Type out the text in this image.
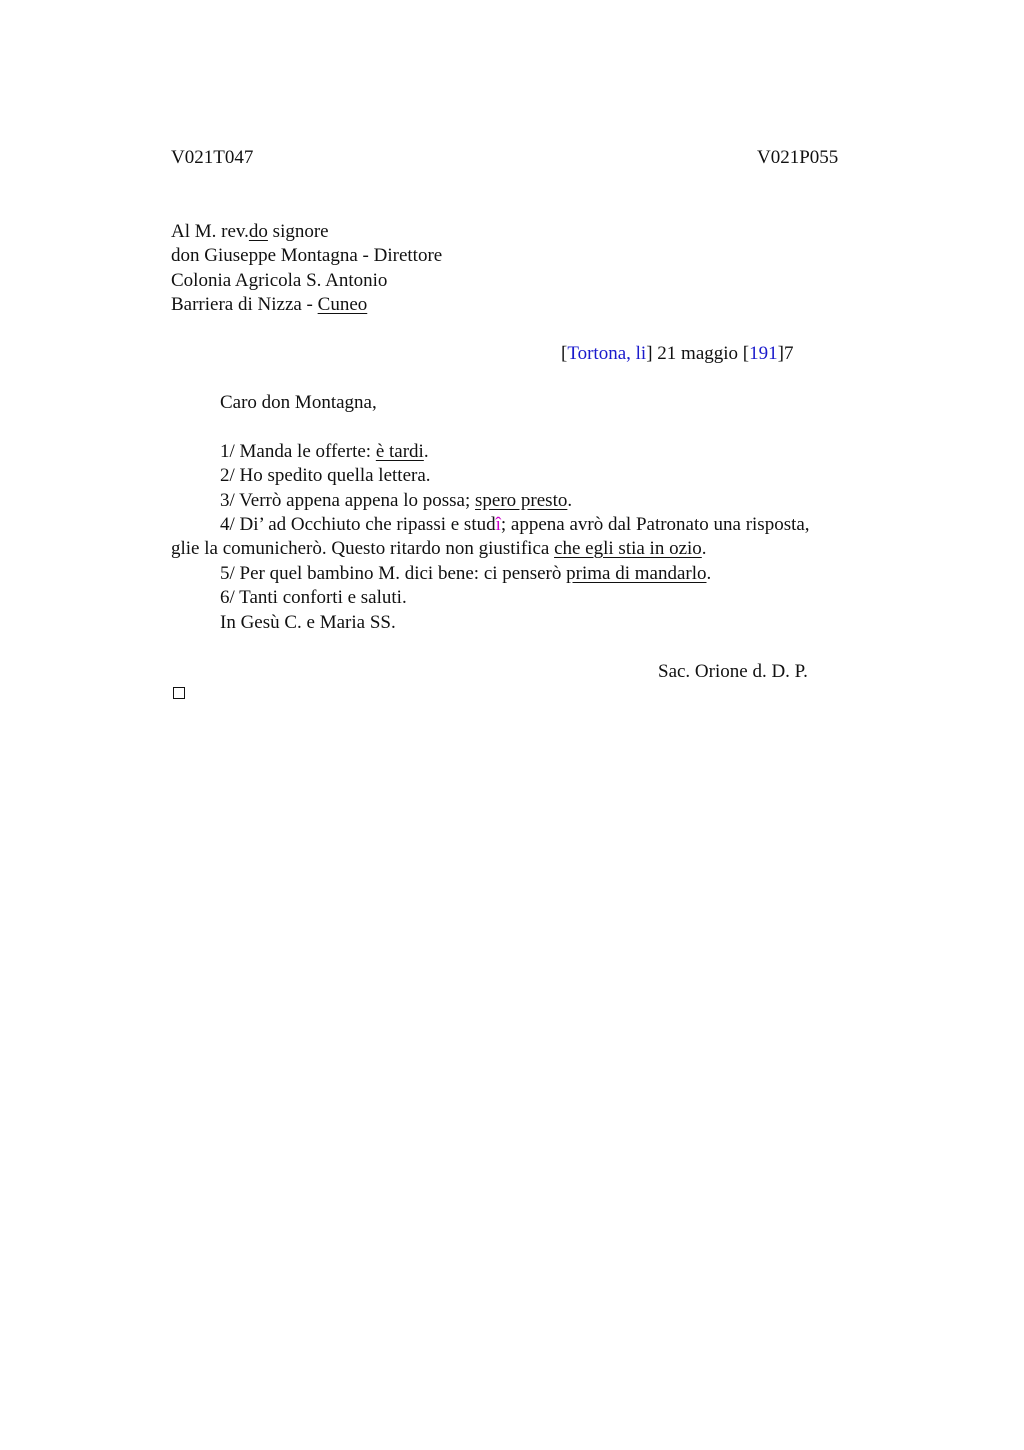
V021T047	V021P055
Al M. rev.do signore
don Giuseppe Montagna - Direttore
Colonia Agricola S. Antonio
Barriera di Nizza - Cuneo
[Tortona, li] 21 maggio [191]7
Caro don Montagna,
1/ Manda le offerte: è tardi.
2/ Ho spedito quella lettera.
3/ Verrò appena appena lo possa; spero presto.
4/ Di’ ad Occhiuto che ripassi e studî; appena avrò dal Patronato una risposta,
glie la comunicherò. Questo ritardo non giustifica che egli stia in ozio.
5/ Per quel bambino M. dici bene: ci penserò prima di mandarlo.
6/ Tanti conforti e saluti.
In Gesù C. e Maria SS.
Sac. Orione d. D. P.
